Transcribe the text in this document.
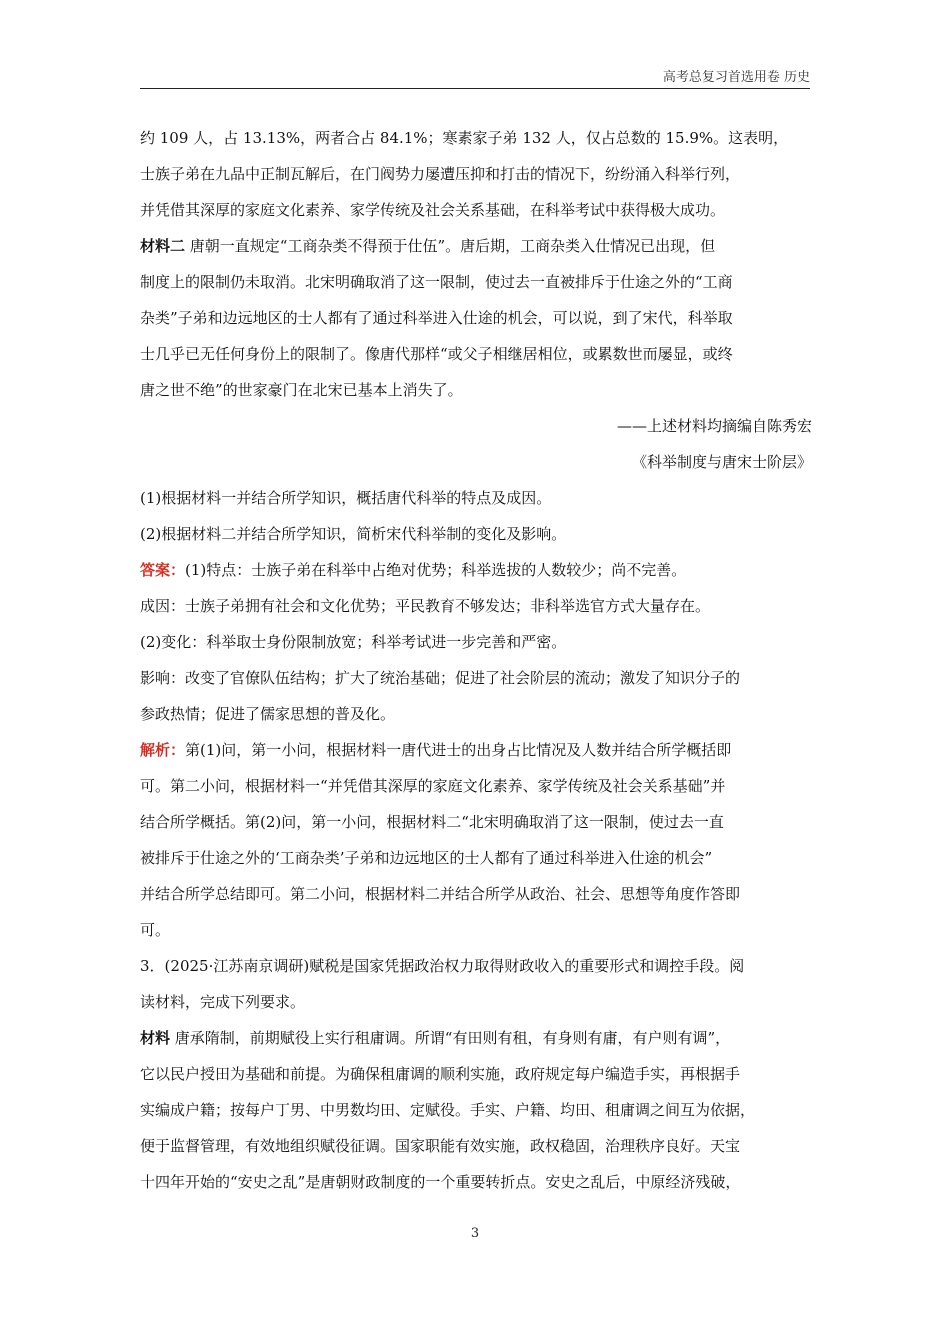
高考总复习首选用卷 历史

约 109 人，占 13.13%，两者合占 84.1%；寒素家子弟 132 人，仅占总数的 15.9%。这表明，

士族子弟在九品中正制瓦解后，在门阀势力屡遭压抑和打击的情况下，纷纷涌入科举行列，

并凭借其深厚的家庭文化素养、家学传统及社会关系基础，在科举考试中获得极大成功。

材料二 唐朝一直规定“工商杂类不得预于仕伍”。唐后期，工商杂类入仕情况已出现，但

制度上的限制仍未取消。北宋明确取消了这一限制，使过去一直被排斥于仕途之外的“工商

杂类”子弟和边远地区的士人都有了通过科举进入仕途的机会，可以说，到了宋代，科举取

士几乎已无任何身份上的限制了。像唐代那样“或父子相继居相位，或累数世而屡显，或终

唐之世不绝”的世家豪门在北宋已基本上消失了。

——上述材料均摘编自陈秀宏

《科举制度与唐宋士阶层》

(1)根据材料一并结合所学知识，概括唐代科举的特点及成因。

(2)根据材料二并结合所学知识，简析宋代科举制的变化及影响。

答案：(1)特点：士族子弟在科举中占绝对优势；科举选拔的人数较少；尚不完善。

成因：士族子弟拥有社会和文化优势；平民教育不够发达；非科举选官方式大量存在。

(2)变化：科举取士身份限制放宽；科举考试进一步完善和严密。

影响：改变了官僚队伍结构；扩大了统治基础；促进了社会阶层的流动；激发了知识分子的

参政热情；促进了儒家思想的普及化。

解析：第(1)问，第一小问，根据材料一唐代进士的出身占比情况及人数并结合所学概括即

可。第二小问，根据材料一“并凭借其深厚的家庭文化素养、家学传统及社会关系基础”并

结合所学概括。第(2)问，第一小问，根据材料二“北宋明确取消了这一限制，使过去一直

被排斥于仕途之外的‘工商杂类’子弟和边远地区的士人都有了通过科举进入仕途的机会”

并结合所学总结即可。第二小问，根据材料二并结合所学从政治、社会、思想等角度作答即

可。

3．(2025·江苏南京调研)赋税是国家凭据政治权力取得财政收入的重要形式和调控手段。阅

读材料，完成下列要求。

材料 唐承隋制，前期赋役上实行租庸调。所谓“有田则有租，有身则有庸，有户则有调”，

它以民户授田为基础和前提。为确保租庸调的顺利实施，政府规定每户编造手实，再根据手

实编成户籍；按每户丁男、中男数均田、定赋役。手实、户籍、均田、租庸调之间互为依据，

便于监督管理，有效地组织赋役征调。国家职能有效实施，政权稳固，治理秩序良好。天宝

十四年开始的“安史之乱”是唐朝财政制度的一个重要转折点。安史之乱后，中原经济残破，

3
